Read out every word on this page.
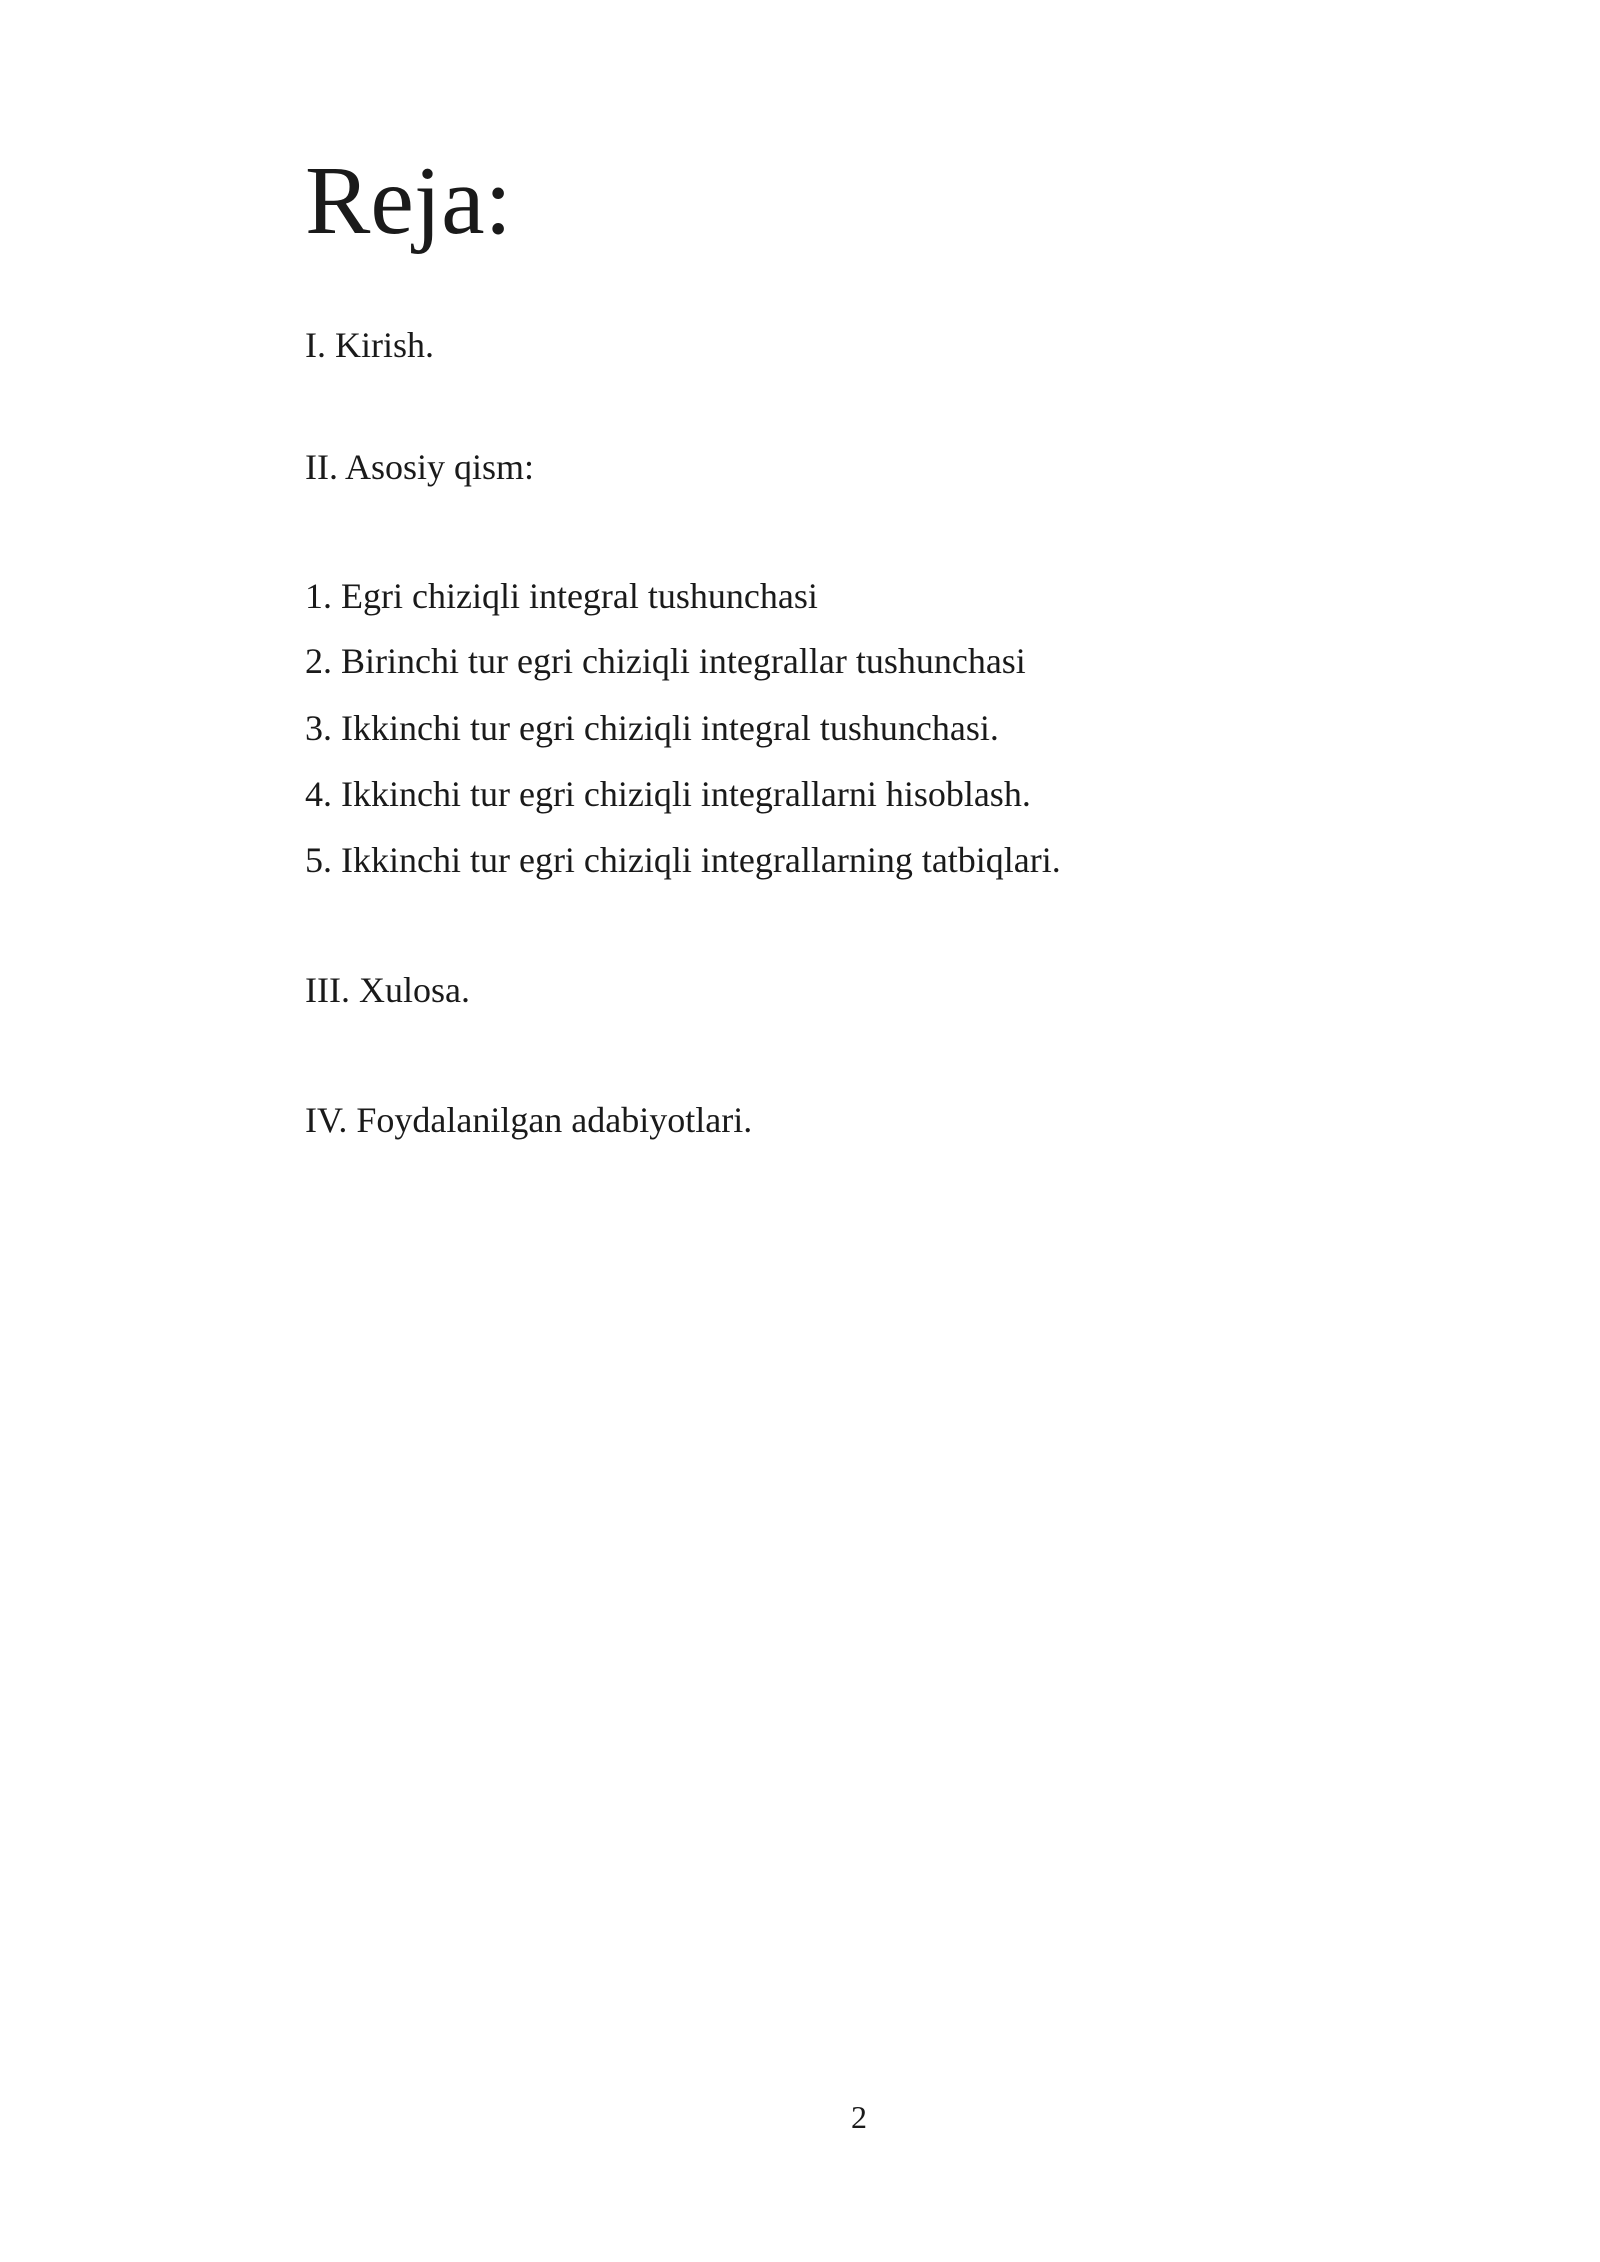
Reja:
I. Kirish.
II. Asosiy qism:
1. Egri chiziqli integral tushunchasi
2. Birinchi tur egri chiziqli integrallar tushunchasi
3. Ikkinchi tur egri chiziqli integral tushunchasi.
4. Ikkinchi tur egri chiziqli integrallarni hisoblash.
5. Ikkinchi tur egri chiziqli integrallarning tatbiqlari.
III. Xulosa.
IV. Foydalanilgan adabiyotlari.
2
